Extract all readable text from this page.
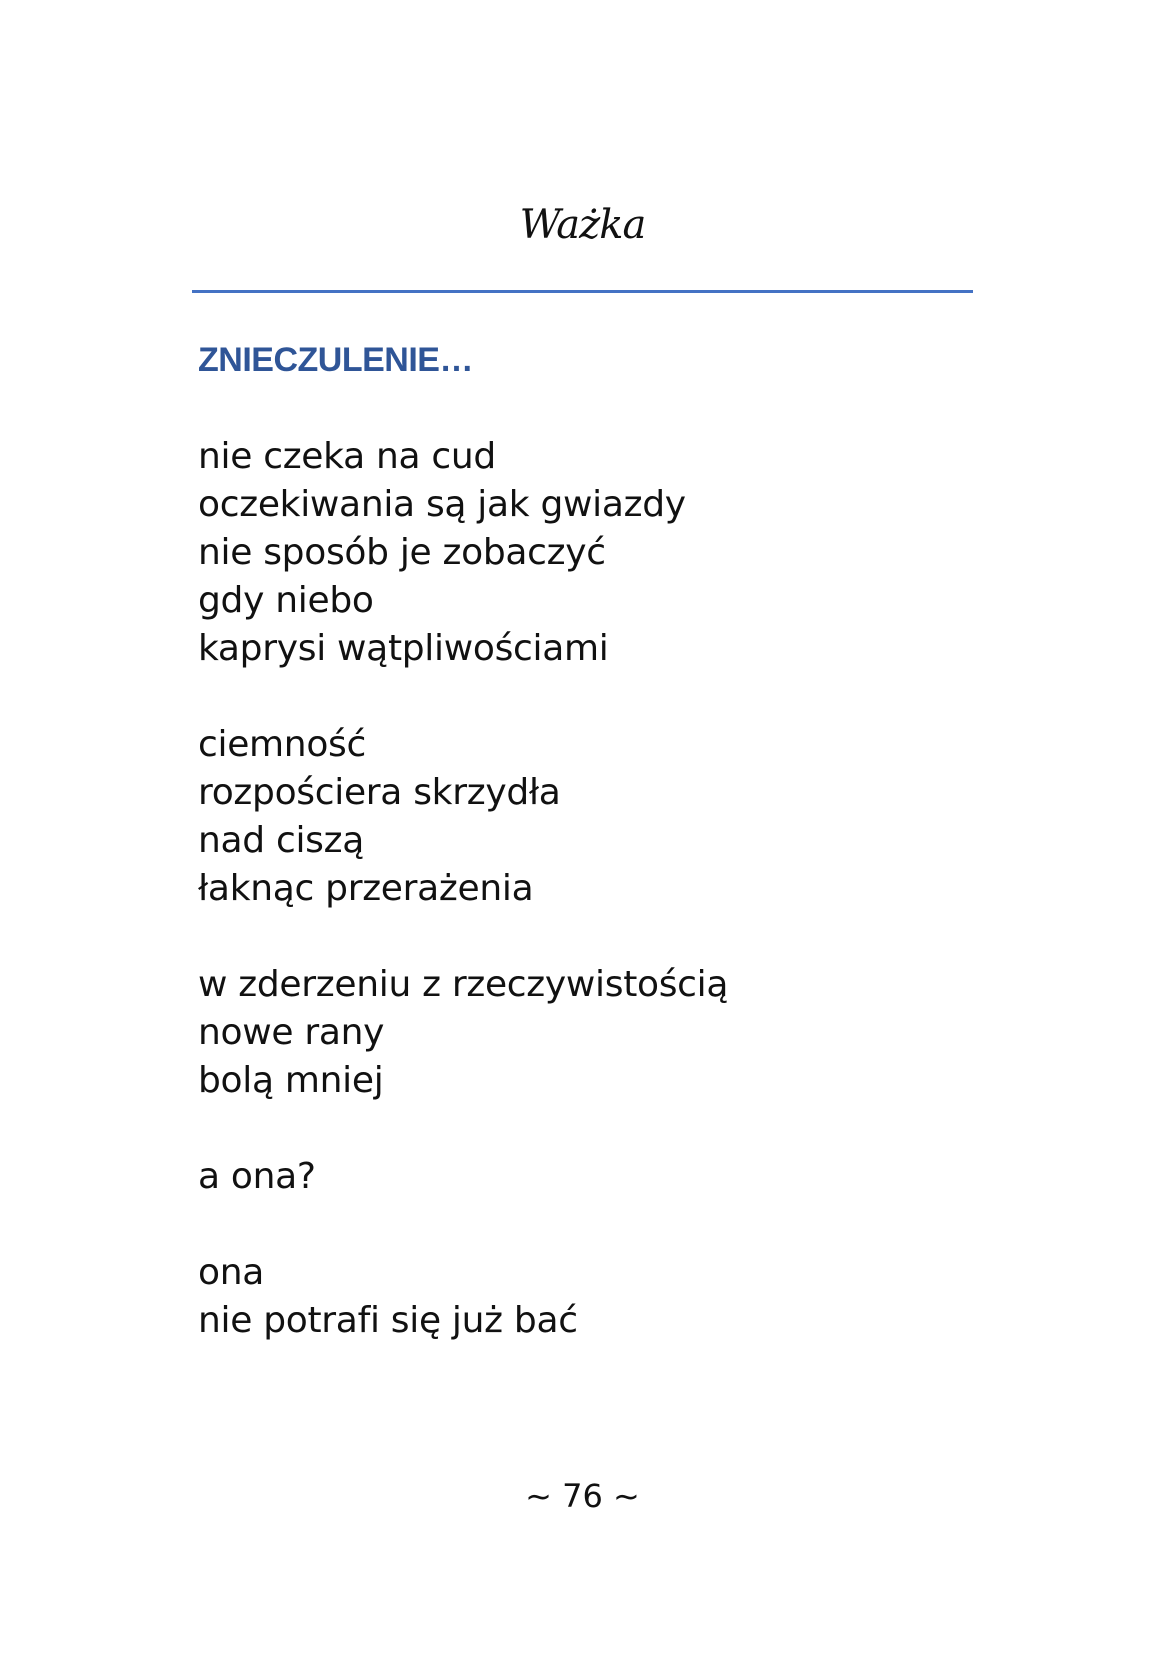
Ważka
ZNIECZULENIE…

nie czeka na cud
oczekiwania są jak gwiazdy
nie sposób je zobaczyć
gdy niebo
kaprysi wątpliwościami

ciemność
rozpościera skrzydła
nad ciszą
łaknąc przerażenia

w zderzeniu z rzeczywistością
nowe rany
bolą mniej

a ona?

ona
nie potrafi się już bać

~ 76 ~
